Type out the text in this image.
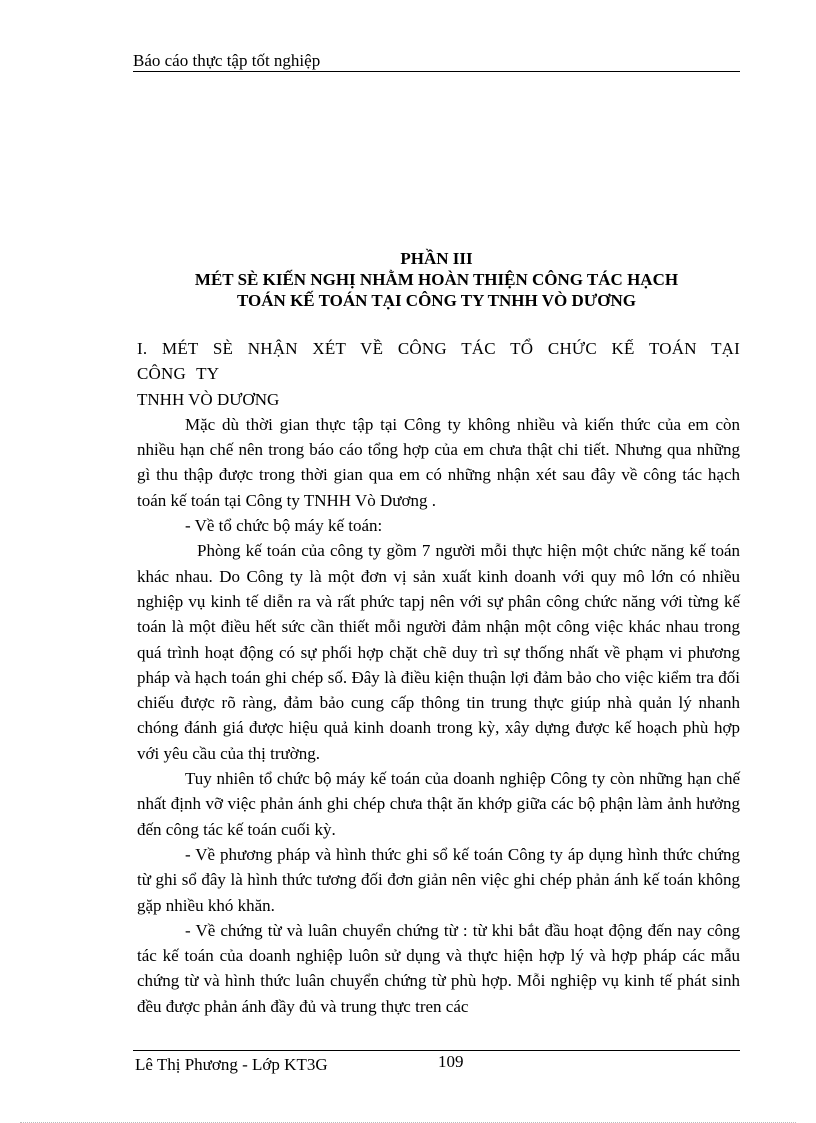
Báo cáo thực tập tốt nghiệp
PHẦN III
MÉT SÈ KIẾN NGHỊ NHẰM HOÀN THIỆN CÔNG TÁC HẠCH
TOÁN KẾ TOÁN TẠI CÔNG TY TNHH VÒ DƯƠNG

I. MÉT SÈ NHẬN XÉT VỀ CÔNG TÁC TỔ CHỨC KẾ TOÁN TẠI CÔNG TY

TNHH VÒ DƯƠNG

Mặc dù thời gian thực tập tại Công ty không nhiều và kiến thức của em còn nhiều hạn chế nên trong báo cáo tổng hợp của em chưa thật chi tiết. Nhưng qua những gì thu thập được trong thời gian qua em có những nhận xét sau đây về công tác hạch toán kế toán tại Công ty TNHH Vò Dương .

- Về tổ chức bộ máy kế toán:

Phòng kế toán của công ty gồm 7 người mỗi thực hiện một chức năng kế toán khác nhau. Do Công ty là một đơn vị sản xuất kinh doanh với quy mô lớn có nhiều nghiệp vụ kinh tế diễn ra và rất phức tapj nên với sự phân công chức năng với từng kế toán là một điều hết sức cần thiết mỗi người đảm nhận một công việc khác nhau trong quá trình hoạt động có sự phối hợp chặt chẽ duy trì sự thống nhất về phạm vi phương pháp và hạch toán ghi chép số. Đây là điều kiện thuận lợi đảm bảo cho việc kiểm tra đối chiếu được rõ ràng, đảm bảo cung cấp thông tin trung thực giúp nhà quản lý nhanh chóng đánh giá được hiệu quả kinh doanh trong kỳ, xây dựng được kế hoạch phù hợp với yêu cầu của thị trường.

Tuy nhiên tổ chức bộ máy kế toán của doanh nghiệp Công ty còn những hạn chế nhất định vỡ việc phản ánh ghi chép chưa thật ăn khớp giữa các bộ phận làm ảnh hưởng đến công tác kế toán cuối kỳ.

- Về phương pháp và hình thức ghi sổ kế toán Công ty áp dụng hình thức chứng từ ghi sổ đây là hình thức tương đối đơn giản nên việc ghi chép phản ánh kế toán không gặp nhiều khó khăn.

- Về chứng từ và luân chuyển chứng từ : từ khi bắt đầu hoạt động đến nay công tác kế toán của doanh nghiệp luôn sử dụng và thực hiện hợp lý và hợp pháp các mẫu chứng từ và hình thức luân chuyển chứng từ phù hợp. Mỗi nghiệp vụ kinh tế phát sinh đều được phản ánh đầy đủ và trung thực tren các

Lê Thị Phương - Lớp KT3G	109
